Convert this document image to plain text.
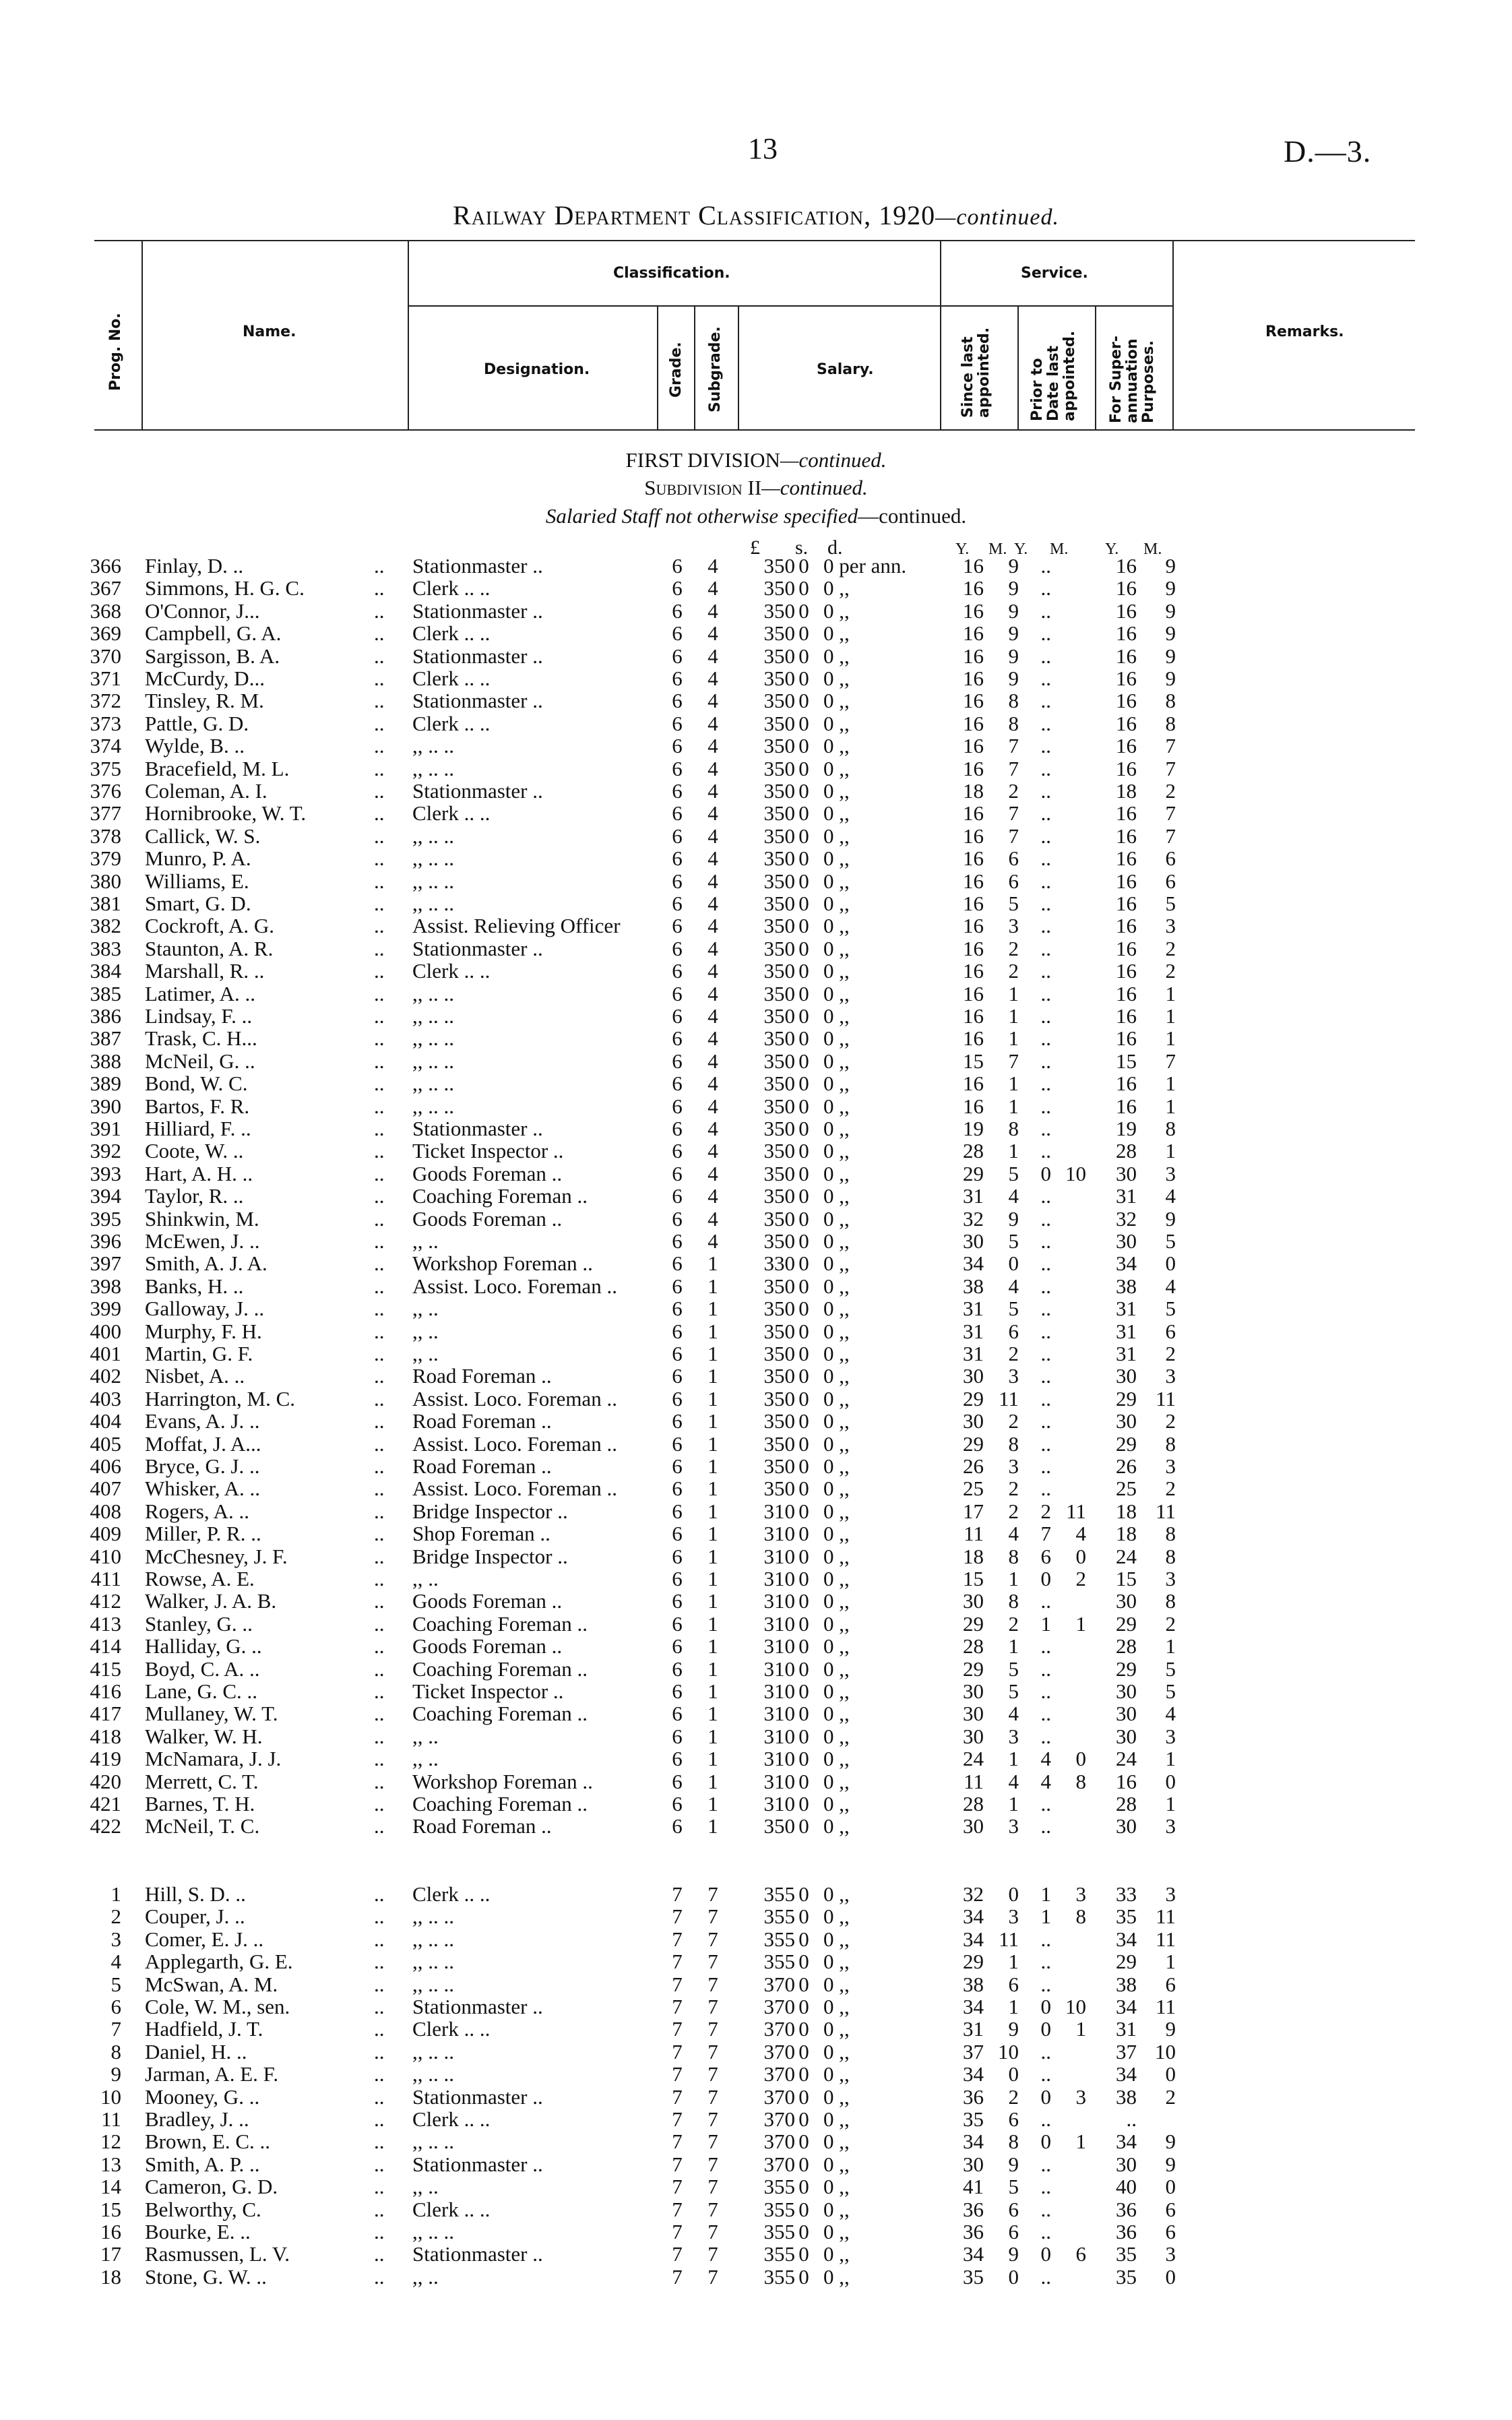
13	D.—3.
Railway Department Classification, 1920—continued.
Prog. No.	Name.
Classification.
Designation.	Grade. Subgrade.	Salary.
Service.
Since last
appointed. Prior to
Date last
appointed. For Super-
annuation
Purposes.
Remarks.
FIRST DIVISION—continued.
Subdivision II—continued.
Salaried Staff not otherwise specified—continued.
£ s. d.	Y. M. Y. M. Y. M.
366 Finlay, D. ..	..	Stationmaster ..	6 4	350 0 0 per ann.	16	9	..	16	9
367 Simmons, H. G. C.	..	Clerk .. ..	6 4	350 0 0 ,,	16	9	..	16	9
368 O'Connor, J...	..	Stationmaster ..	6 4	350 0 0 ,,	16	9	..	16	9
369 Campbell, G. A.	..	Clerk .. ..	6 4	350 0 0 ,,	16	9	..	16	9
370 Sargisson, B. A.	..	Stationmaster ..	6 4	350 0 0 ,,	16	9	..	16	9
371 McCurdy, D...	..	Clerk .. ..	6 4	350 0 0 ,,	16	9	..	16	9
372 Tinsley, R. M.	..	Stationmaster ..	6 4	350 0 0 ,,	16	8	..	16	8
373 Pattle, G. D.	..	Clerk .. ..	6 4	350 0 0 ,,	16	8	..	16	8
374 Wylde, B. ..	..	,, .. ..	6 4	350 0 0 ,,	16	7	..	16	7
375 Bracefield, M. L.	..	,, .. ..	6 4	350 0 0 ,,	16	7	..	16	7
376 Coleman, A. I.	..	Stationmaster ..	6 4	350 0 0 ,,	18	2	..	18	2
377 Hornibrooke, W. T.	..	Clerk .. ..	6 4	350 0 0 ,,	16	7	..	16	7
378 Callick, W. S.	..	,, .. ..	6 4	350 0 0 ,,	16	7	..	16	7
379 Munro, P. A.	..	,, .. ..	6 4	350 0 0 ,,	16	6	..	16	6
380 Williams, E.	..	,, .. ..	6 4	350 0 0 ,,	16	6	..	16	6
381 Smart, G. D.	..	,, .. ..	6 4	350 0 0 ,,	16	5	..	16	5
382 Cockroft, A. G.	..	Assist. Relieving Officer	6 4	350 0 0 ,,	16	3	..	16	3
383 Staunton, A. R.	..	Stationmaster ..	6 4	350 0 0 ,,	16	2	..	16	2
384 Marshall, R. ..	..	Clerk .. ..	6 4	350 0 0 ,,	16	2	..	16	2
385 Latimer, A. ..	..	,, .. ..	6 4	350 0 0 ,,	16	1	..	16	1
386 Lindsay, F. ..	..	,, .. ..	6 4	350 0 0 ,,	16	1	..	16	1
387 Trask, C. H...	..	,, .. ..	6 4	350 0 0 ,,	16	1	..	16	1
388 McNeil, G. ..	..	,, .. ..	6 4	350 0 0 ,,	15	7	..	15	7
389 Bond, W. C.	..	,, .. ..	6 4	350 0 0 ,,	16	1	..	16	1
390 Bartos, F. R.	..	,, .. ..	6 4	350 0 0 ,,	16	1	..	16	1
391 Hilliard, F. ..	..	Stationmaster ..	6 4	350 0 0 ,,	19	8	..	19	8
392 Coote, W. ..	..	Ticket Inspector ..	6 4	350 0 0 ,,	28	1	..	28	1
393 Hart, A. H. ..	..	Goods Foreman ..	6 4	350 0 0 ,,	29	5	0 10	30	3
394 Taylor, R. ..	..	Coaching Foreman ..	6 4	350 0 0 ,,	31	4	..	31	4
395 Shinkwin, M.	..	Goods Foreman ..	6 4	350 0 0 ,,	32	9	..	32	9
396 McEwen, J. ..	..	,, ..	6 4	350 0 0 ,,	30	5	..	30	5
397 Smith, A. J. A.	..	Workshop Foreman ..	6 1	330 0 0 ,,	34	0	..	34	0
398 Banks, H. ..	..	Assist. Loco. Foreman ..	6 1	350 0 0 ,,	38	4	..	38	4
399 Galloway, J. ..	..	,, ..	6 1	350 0 0 ,,	31	5	..	31	5
400 Murphy, F. H.	..	,, ..	6 1	350 0 0 ,,	31	6	..	31	6
401 Martin, G. F.	..	,, ..	6 1	350 0 0 ,,	31	2	..	31	2
402 Nisbet, A. ..	..	Road Foreman ..	6 1	350 0 0 ,,	30	3	..	30	3
403 Harrington, M. C.	..	Assist. Loco. Foreman ..	6 1	350 0 0 ,,	29 11	..	29 11
404 Evans, A. J. ..	..	Road Foreman ..	6 1	350 0 0 ,,	30	2	..	30	2
405 Moffat, J. A...	..	Assist. Loco. Foreman ..	6 1	350 0 0 ,,	29	8	..	29	8
406 Bryce, G. J. ..	..	Road Foreman ..	6 1	350 0 0 ,,	26	3	..	26	3
407 Whisker, A. ..	..	Assist. Loco. Foreman ..	6 1	350 0 0 ,,	25	2	..	25	2
408 Rogers, A. ..	..	Bridge Inspector ..	6 1	310 0 0 ,,	17	2	2 11	18 11
409 Miller, P. R. ..	..	Shop Foreman ..	6 1	310 0 0 ,,	11	4	7	4	18	8
410 McChesney, J. F.	..	Bridge Inspector ..	6 1	310 0 0 ,,	18	8	6	0	24	8
411 Rowse, A. E.	..	,, ..	6 1	310 0 0 ,,	15	1	0	2	15	3
412 Walker, J. A. B.	..	Goods Foreman ..	6 1	310 0 0 ,,	30	8	..	30	8
413 Stanley, G. ..	..	Coaching Foreman ..	6 1	310 0 0 ,,	29	2	1	1	29	2
414 Halliday, G. ..	..	Goods Foreman ..	6 1	310 0 0 ,,	28	1	..	28	1
415 Boyd, C. A. ..	..	Coaching Foreman ..	6 1	310 0 0 ,,	29	5	..	29	5
416 Lane, G. C. ..	..	Ticket Inspector ..	6 1	310 0 0 ,,	30	5	..	30	5
417 Mullaney, W. T.	..	Coaching Foreman ..	6 1	310 0 0 ,,	30	4	..	30	4
418 Walker, W. H.	..	,, ..	6 1	310 0 0 ,,	30	3	..	30	3
419 McNamara, J. J.	..	,, ..	6 1	310 0 0 ,,	24	1	4	0	24	1
420 Merrett, C. T.	..	Workshop Foreman ..	6 1	310 0 0 ,,	11	4	4	8	16	0
421 Barnes, T. H.	..	Coaching Foreman ..	6 1	310 0 0 ,,	28	1	..	28	1
422 McNeil, T. C.	..	Road Foreman ..	6 1	350 0 0 ,,	30	3	..	30	3
1 Hill, S. D. ..	..	Clerk .. ..	7 7	355 0 0 ,,	32	0	1	3	33	3
2 Couper, J. ..	..	,, .. ..	7 7	355 0 0 ,,	34	3	1	8	35 11
3 Comer, E. J. ..	..	,, .. ..	7 7	355 0 0 ,,	34 11	..	34 11
4 Applegarth, G. E.	..	,, .. ..	7 7	355 0 0 ,,	29	1	..	29	1
5 McSwan, A. M.	..	,, .. ..	7 7	370 0 0 ,,	38	6	..	38	6
6 Cole, W. M., sen.	..	Stationmaster ..	7 7	370 0 0 ,,	34	1	0 10	34 11
7 Hadfield, J. T.	..	Clerk .. ..	7 7	370 0 0 ,,	31	9	0	1	31	9
8 Daniel, H. ..	..	,, .. ..	7 7	370 0 0 ,,	37 10	..	37 10
9 Jarman, A. E. F.	..	,, .. ..	7 7	370 0 0 ,,	34	0	..	34	0
10 Mooney, G. ..	..	Stationmaster ..	7 7	370 0 0 ,,	36	2	0	3	38	2
11 Bradley, J. ..	..	Clerk .. ..	7 7	370 0 0 ,,	35	6	..	..
12 Brown, E. C. ..	..	,, .. ..	7 7	370 0 0 ,,	34	8	0	1	34	9
13 Smith, A. P. ..	..	Stationmaster ..	7 7	370 0 0 ,,	30	9	..	30	9
14 Cameron, G. D.	..	,, ..	7 7	355 0 0 ,,	41	5	..	40	0
15 Belworthy, C.	..	Clerk .. ..	7 7	355 0 0 ,,	36	6	..	36	6
16 Bourke, E. ..	..	,, .. ..	7 7	355 0 0 ,,	36	6	..	36	6
17 Rasmussen, L. V.	..	Stationmaster ..	7 7	355 0 0 ,,	34	9	0	6	35	3
18 Stone, G. W. ..	..	,, ..	7 7	355 0 0 ,,	35	0	..	35	0
